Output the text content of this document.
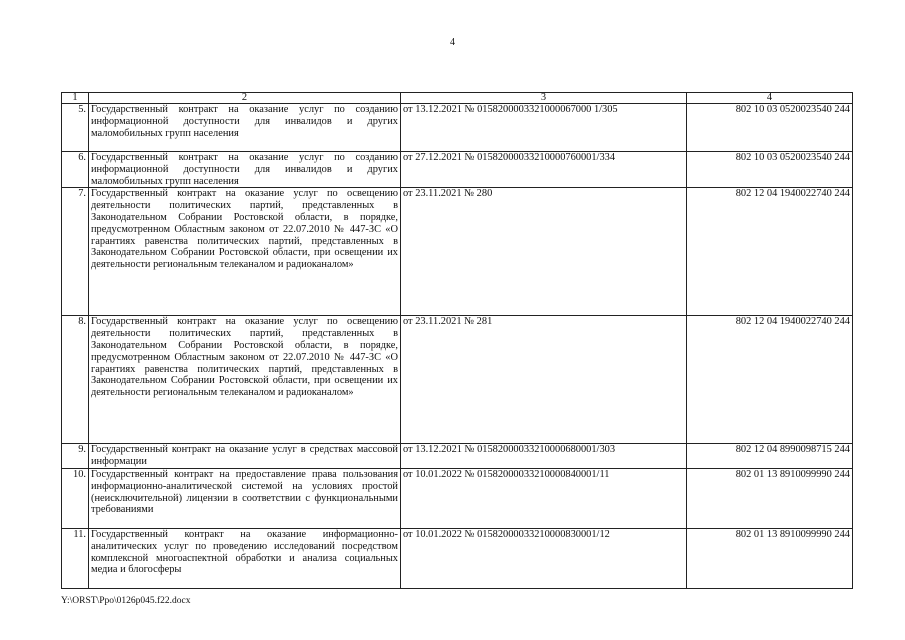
4
1	2	3	4
5.	Государственный контракт на оказание услуг по созданию информационной доступности для инвалидов и других маломобильных групп населения	от 13.12.2021 № 0158200003321000067000 1/305	802 10 03 0520023540 244
6.	Государственный контракт на оказание услуг по созданию информационной доступности для инвалидов и других маломобильных групп населения	от 27.12.2021 № 01582000033210000760001/334	802 10 03 0520023540 244
7.	Государственный контракт на оказание услуг по освещению деятельности политических партий, представленных в Законодательном Собрании Ростовской области, в порядке, предусмотренном Областным законом от 22.07.2010 № 447-ЗС «О гарантиях равенства политических партий, представленных в Законодательном Собрании Ростовской области, при освещении их деятельности региональным телеканалом и радиоканалом»	от 23.11.2021 № 280	802 12 04 1940022740 244
8.	Государственный контракт на оказание услуг по освещению деятельности политических партий, представленных в Законодательном Собрании Ростовской области, в порядке, предусмотренном Областным законом от 22.07.2010 № 447-ЗС «О гарантиях равенства политических партий, представленных в Законодательном Собрании Ростовской области, при освещении их деятельности региональным телеканалом и радиоканалом»	от 23.11.2021 № 281	802 12 04 1940022740 244
9.	Государственный контракт на оказание услуг в средствах массовой информации	от 13.12.2021 № 01582000033210000680001/303	802 12 04 8990098715 244
10.	Государственный контракт на предоставление права пользования информационно-аналитической системой на условиях простой (неисключительной) лицензии в соответствии с функциональными требованиями	от 10.01.2022 № 01582000033210000840001/11	802 01 13 8910099990 244
11.	Государственный контракт на оказание информационно-аналитических услуг по проведению исследований посредством комплексной многоаспектной обработки и анализа социальных медиа и блогосферы	от 10.01.2022 № 01582000033210000830001/12	802 01 13 8910099990 244
Y:\ORST\Ppo\0126p045.f22.docx
